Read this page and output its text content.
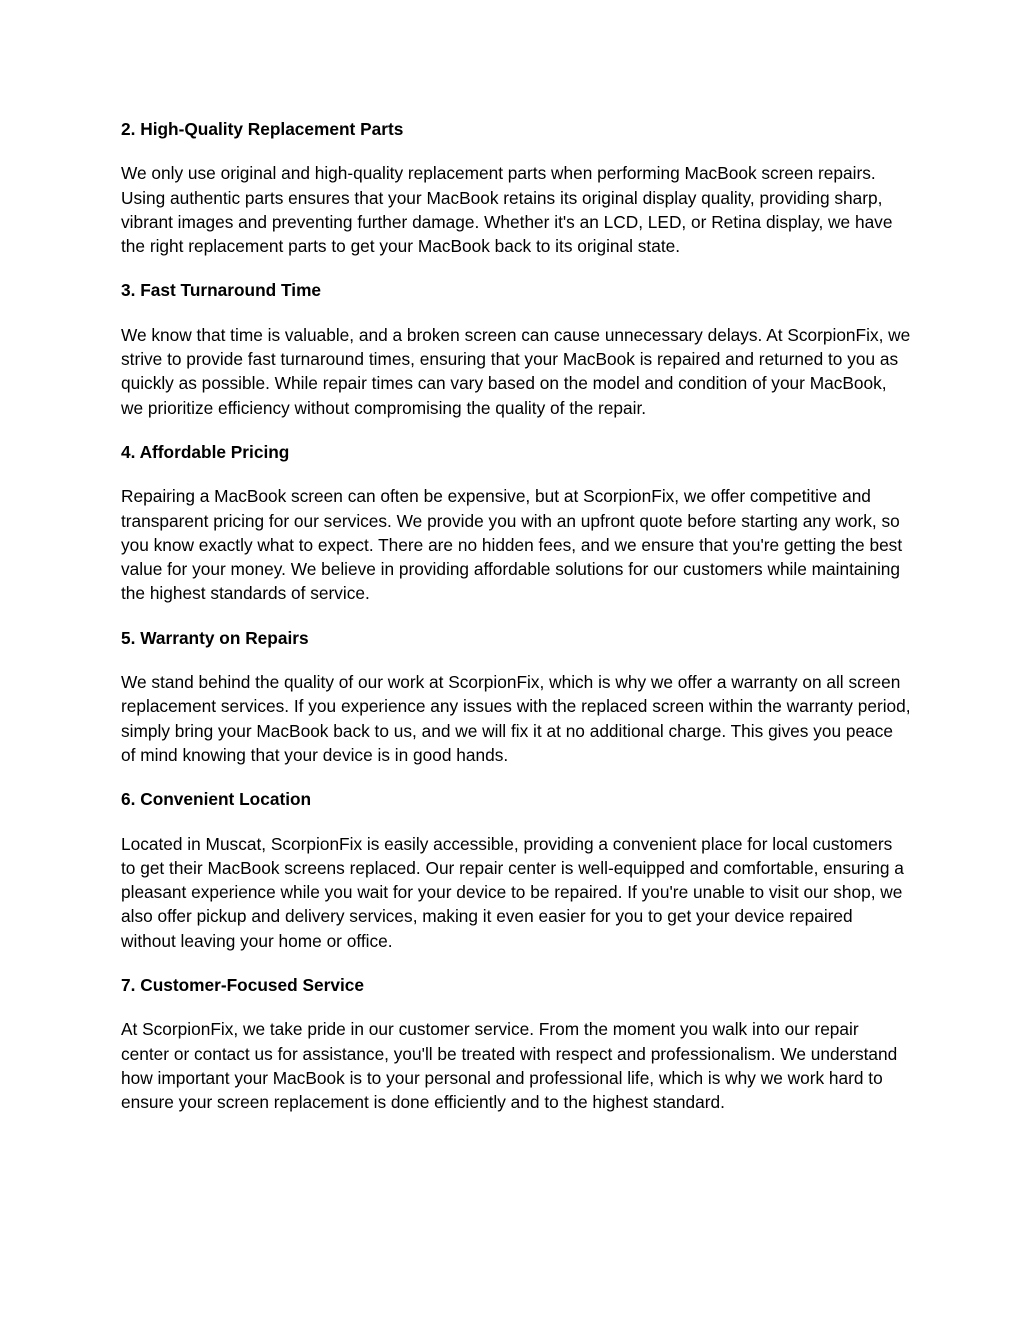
2. High-Quality Replacement Parts

We only use original and high-quality replacement parts when performing MacBook screen repairs. Using authentic parts ensures that your MacBook retains its original display quality, providing sharp, vibrant images and preventing further damage. Whether it's an LCD, LED, or Retina display, we have the right replacement parts to get your MacBook back to its original state.

3. Fast Turnaround Time

We know that time is valuable, and a broken screen can cause unnecessary delays. At ScorpionFix, we strive to provide fast turnaround times, ensuring that your MacBook is repaired and returned to you as quickly as possible. While repair times can vary based on the model and condition of your MacBook, we prioritize efficiency without compromising the quality of the repair.

4. Affordable Pricing

Repairing a MacBook screen can often be expensive, but at ScorpionFix, we offer competitive and transparent pricing for our services. We provide you with an upfront quote before starting any work, so you know exactly what to expect. There are no hidden fees, and we ensure that you're getting the best value for your money. We believe in providing affordable solutions for our customers while maintaining the highest standards of service.

5. Warranty on Repairs

We stand behind the quality of our work at ScorpionFix, which is why we offer a warranty on all screen replacement services. If you experience any issues with the replaced screen within the warranty period, simply bring your MacBook back to us, and we will fix it at no additional charge. This gives you peace of mind knowing that your device is in good hands.

6. Convenient Location

Located in Muscat, ScorpionFix is easily accessible, providing a convenient place for local customers to get their MacBook screens replaced. Our repair center is well-equipped and comfortable, ensuring a pleasant experience while you wait for your device to be repaired. If you're unable to visit our shop, we also offer pickup and delivery services, making it even easier for you to get your device repaired without leaving your home or office.

7. Customer-Focused Service

At ScorpionFix, we take pride in our customer service. From the moment you walk into our repair center or contact us for assistance, you'll be treated with respect and professionalism. We understand how important your MacBook is to your personal and professional life, which is why we work hard to ensure your screen replacement is done efficiently and to the highest standard.
